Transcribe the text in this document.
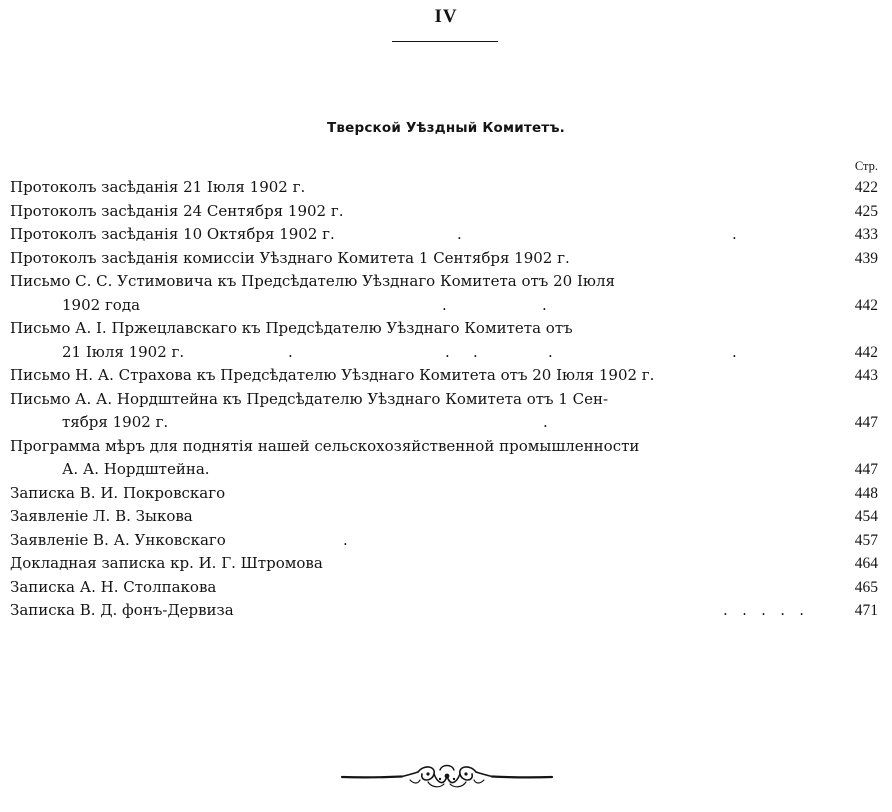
IV
Тверской Уѣздный Комитетъ.
Стр.
Протоколъ засѣданія 21 Іюля 1902 г.	422
Протоколъ засѣданія 24 Сентября 1902 г.	425
Протоколъ засѣданія 10 Октября 1902 г.	.	.	433
Протоколъ засѣданія комиссіи Уѣзднаго Комитета 1 Сентября 1902 г.	439
Письмо С. С. Устимовича къ Предсѣдателю Уѣзднаго Комитета отъ 20 Іюля
1902 года	.	.	442
Письмо А. І. Пржецлавскаго къ Предсѣдателю Уѣзднаго Комитета отъ
21 Іюля 1902 г.	.	. .	.	.	442
Письмо Н. А. Страхова къ Предсѣдателю Уѣзднаго Комитета отъ 20 Іюля 1902 г.	443
Письмо А. А. Нордштейна къ Предсѣдателю Уѣзднаго Комитета отъ 1 Сен-
тября 1902 г.	.	447
Программа мѣръ для поднятія нашей сельскохозяйственной промышленности
А. А. Нордштейна.	447
Записка В. И. Покровскаго	448
Заявленіе Л. В. Зыкова	454
Заявленіе В. А. Унковскаго	.	457
Докладная записка кр. И. Г. Штромова	464
Записка А. Н. Столпакова	465
Записка В. Д. фонъ-Дервиза	.   .   .   .   .	471
